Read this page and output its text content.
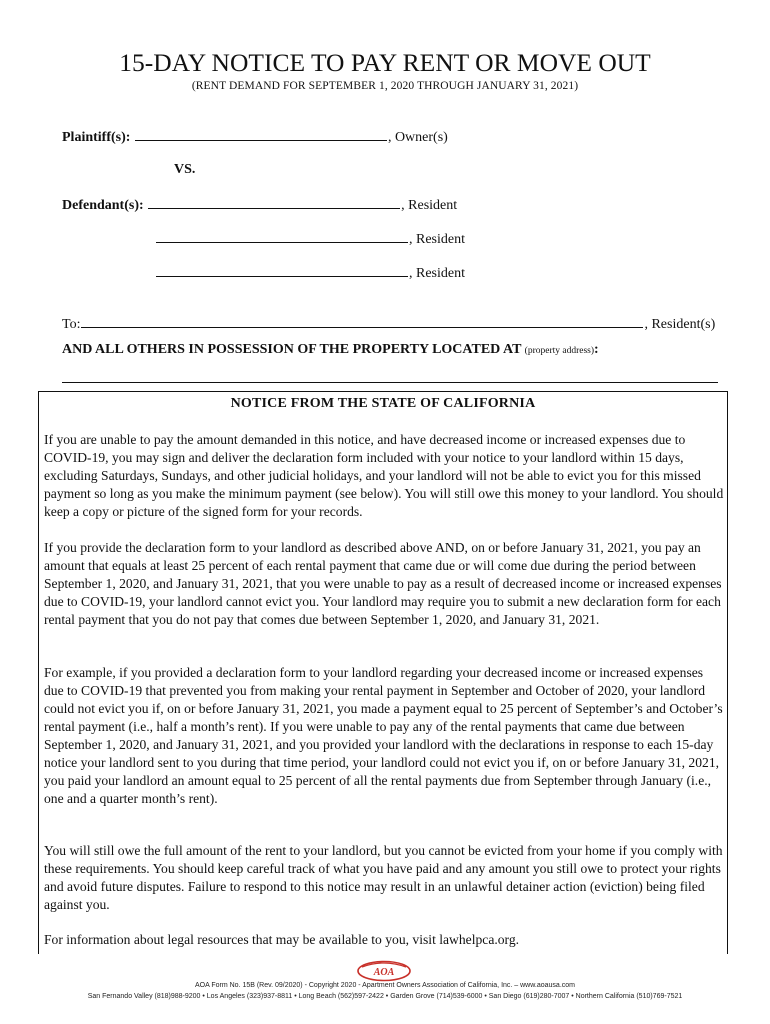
15-DAY NOTICE TO PAY RENT OR MOVE OUT
(RENT DEMAND FOR SEPTEMBER 1, 2020 THROUGH JANUARY 31, 2021)
Plaintiff(s):	, Owner(s)
VS.
Defendant(s):	, Resident
, Resident
, Resident
To:	, Resident(s)
AND ALL OTHERS IN POSSESSION OF THE PROPERTY LOCATED AT (property address):
NOTICE FROM THE STATE OF CALIFORNIA
If you are unable to pay the amount demanded in this notice, and have decreased income or increased expenses due to COVID-19, you may sign and deliver the declaration form included with your notice to your landlord within 15 days, excluding Saturdays, Sundays, and other judicial holidays, and your landlord will not be able to evict you for this missed payment so long as you make the minimum payment (see below). You will still owe this money to your landlord. You should keep a copy or picture of the signed form for your records.
If you provide the declaration form to your landlord as described above AND, on or before January 31, 2021, you pay an amount that equals at least 25 percent of each rental payment that came due or will come due during the period between September 1, 2020, and January 31, 2021, that you were unable to pay as a result of decreased income or increased expenses due to COVID-19, your landlord cannot evict you. Your landlord may require you to submit a new declaration form for each rental payment that you do not pay that comes due between September 1, 2020, and January 31, 2021.
For example, if you provided a declaration form to your landlord regarding your decreased income or increased expenses due to COVID-19 that prevented you from making your rental payment in September and October of 2020, your landlord could not evict you if, on or before January 31, 2021, you made a payment equal to 25 percent of September’s and October’s rental payment (i.e., half a month’s rent). If you were unable to pay any of the rental payments that came due between September 1, 2020, and January 31, 2021, and you provided your landlord with the declarations in response to each 15-day notice your landlord sent to you during that time period, your landlord could not evict you if, on or before January 31, 2021, you paid your landlord an amount equal to 25 percent of all the rental payments due from September through January (i.e., one and a quarter month’s rent).
You will still owe the full amount of the rent to your landlord, but you cannot be evicted from your home if you comply with these requirements. You should keep careful track of what you have paid and any amount you still owe to protect your rights and avoid future disputes. Failure to respond to this notice may result in an unlawful detainer action (eviction) being filed against you.
For information about legal resources that may be available to you, visit lawhelpca.org.
AOA
AOA Form No. 15B (Rev. 09/2020) - Copyright 2020 - Apartment Owners Association of California, Inc. – www.aoausa.com
San Fernando Valley (818)988-9200 • Los Angeles (323)937-8811 • Long Beach (562)597-2422 • Garden Grove (714)539-6000 • San Diego (619)280-7007 • Northern California (510)769-7521
